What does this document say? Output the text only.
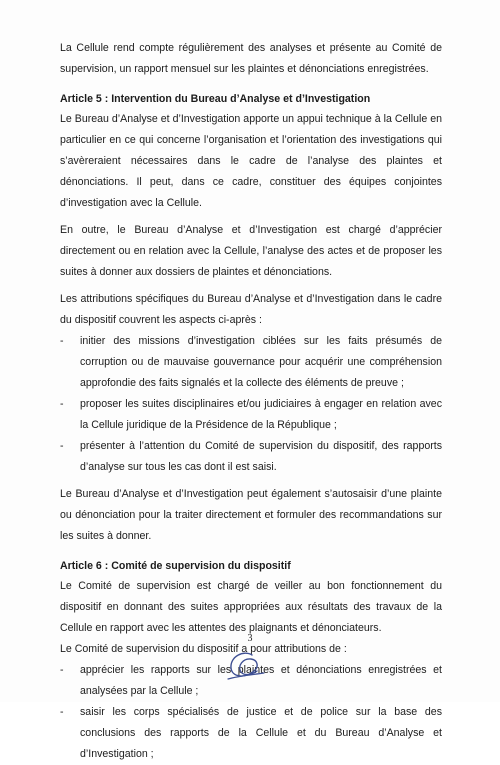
La Cellule rend compte régulièrement des analyses et présente au Comité de supervision, un rapport mensuel sur les plaintes et dénonciations enregistrées.

Article 5 : Intervention du Bureau d’Analyse et d’Investigation

Le Bureau d’Analyse et d’Investigation apporte un appui technique à la Cellule en particulier en ce qui concerne l’organisation et l’orientation des investigations qui s’avèreraient nécessaires dans le cadre de l’analyse des plaintes et dénonciations. Il peut, dans ce cadre, constituer des équipes conjointes d’investigation avec la Cellule.

En outre, le Bureau d’Analyse et d’Investigation est chargé d’apprécier directement ou en relation avec la Cellule, l’analyse des actes et de proposer les suites à donner aux dossiers de plaintes et dénonciations.

Les attributions spécifiques du Bureau d’Analyse et d’Investigation dans le cadre du dispositif couvrent les aspects ci-après :

- initier des missions d’investigation ciblées sur les faits présumés de corruption ou de mauvaise gouvernance pour acquérir une compréhension approfondie des faits signalés et la collecte des éléments de preuve ;
- proposer les suites disciplinaires et/ou judiciaires à engager en relation avec la Cellule juridique de la Présidence de la République ;
- présenter à l’attention du Comité de supervision du dispositif, des rapports d’analyse sur tous les cas dont il est saisi.

Le Bureau d’Analyse et d’Investigation peut également s’autosaisir d’une plainte ou dénonciation pour la traiter directement et formuler des recommandations sur les suites à donner.

Article 6 : Comité de supervision du dispositif

Le Comité de supervision est chargé de veiller au bon fonctionnement du dispositif en donnant des suites appropriées aux résultats des travaux de la Cellule en rapport avec les attentes des plaignants et dénonciateurs.

Le Comité de supervision du dispositif a pour attributions de :

- apprécier les rapports sur les plaintes et dénonciations enregistrées et analysées par la Cellule ;
- saisir les corps spécialisés de justice et de police sur la base des conclusions des rapports de la Cellule et du Bureau d’Analyse et d’Investigation ;
3
